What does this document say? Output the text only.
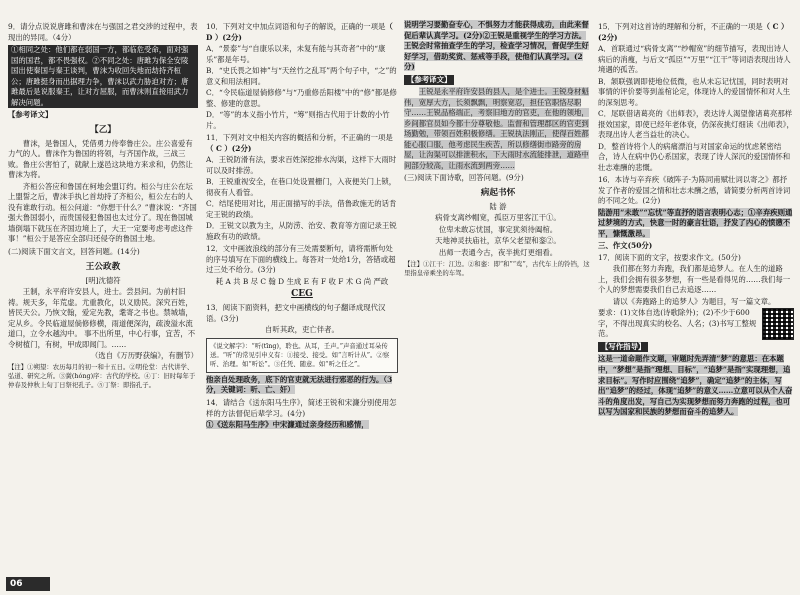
9．请分点说说唐雎和曹沫在与强国之君交涉的过程中，表现出的异同。（4分）

①相同之处：他们都在弱国一方，都临危受命，面对强国的国君，都不畏强权。②不同之处：唐雎为保全安陵国出使秦国与秦王谈判，曹沫为收回失地而劫持齐桓公；唐雎挺身而出据理力争，曹沫以武力胁迫对方；唐雎最后是说服秦王，让对方屈服，而曹沫则直接用武力解决问题。

【参考译文】

【乙】

曹沫，是鲁国人，凭借勇力侍奉鲁庄公。庄公喜爱有力气的人。曹沫作为鲁国的将领，与齐国作战，三战三败。鲁庄公害怕了，就献上遂邑这块地方来求和，仍然让曹沫为将。

齐桓公答应和鲁国在柯地会盟订约。桓公与庄公在坛上盟誓之后，曹沫手执匕首劫持了齐桓公，桓公左右的人没有谁敢行动。桓公问道：“你想干什么？”曹沫说：“齐国强大鲁国弱小，而贵国侵犯鲁国也太过分了。现在鲁国城墙倒塌下就压在齐国边境上了，大王一定要考虑考虑这件事！”桓公于是答应全部归还侵夺的鲁国土地。

(二)阅读下面文言文，回答问题。(14分)

王公政教

[明]沈德符

王制，永平府许安县人，进士。尝县问。为前村旧祷。规天多，年荒虚。尤重教化，以义励民。深究百姓，皆民天公。乃恢文翰，爱定先教，耄寄之书也。禁城墙，定从乡。令民临道屋倘修修横，雨道便深沟，疏浚溢水流道口，立令水越沟中。 事不出所里，中心行事，宜苦，不令树植门，有树，甲成即闻门。……

（选自《万历野获编》，有删节）

【注】①朔望：农历每月的初一和十五日。②明伦堂：古代讲学、弘道、研究之所。③黉(hóng)序：古代的学校。④丁：旧时每年于仲春及仲秋上旬丁日祭祀孔子。⑤丁祭：即指孔子。

10．下列对文中加点词语和句子的解说，正确的一项是（ D ）(2分)

A．“景泰”与“自康乐以来，未复有能与其奇者”中的“康乐”都是年号。

B．“史氏畏之如神”与“天丝竹之乱耳”两个句子中，“之”的意义和用法相同。

C．“令民临道屋倘修修”与“乃重修岳阳楼”中的“修”都是修整、修建的意思。

D．“等”的本义指小竹片，“筹”则指古代用于计数的小竹片。

11．下列对文中相关内容的概括和分析，不正确的一项是（ C ）(2分)

A．王锐防滑有法，要求百姓深挖排水沟渠，这样下大雨时可以及时排涝。

B．王锐重视安全，在巷口处设置栅门，入夜便关门上锁，彻夜有人看管。

C．结尾使用对比，用正面描写的手法，借鲁政施无的话肯定王锐的政绩。

D．王锐文以教为主，从防涝、治安、教育等方面记录王锐施政有功的政绩。

12．文中画波浪线的部分有三处需要断句，请将需断句处的序号填写在下面的横线上。每答对一处给1分，答错或超过三处不给分。(3分)

耗 A 共 B 尽 C 翰 D 生成 E 有 F 收 F 术 G 尚 严政

CEG

13．阅读下面资料，把文中画横线的句子翻译成现代汉语。(3分)

自听其政，吏亡伴者。

《说文解字》：“听(tīng)，聆也。从耳，壬声。”声音通过耳朵传送。“听”的常见引申义有：①接受、接受。如“言听计从”。②察听、治理。如“听讼”。③任凭、随意。如“听之任之”。

他亲自处理政务，底下的官吏就无法进行邪恶的行为。（3分，关键词：听、亡、奸）

14．请结合《送东阳马生序》，简述王锐和宋濂分别使用怎样的方法督促后辈学习。(4分)

①《送东阳马生序》中宋濂通过亲身经历和感情，

说明学习要勤奋专心，不惧努力才能获得成功，由此来督促后辈认真学习。(2分)②王锐是重视学生的学习方法。王锐会时常抽查学生的学习，检查学习情况，督促学生好好学习，借助奖赏、惩戒等手段，使他们认真学习。(2分)

【参考译文】

王锐是永平府许安县的县人，是个进士。王锐身材魁伟，宽厚大方，长须飘飘，明察宽忍，担任官职恪尽职守……王锐品格端正，考察旧地方的官吏，在他的领地，乡间都官员如今都十分尊敬他。监督和管理郡区的官吏到场勤勉，带领百姓积极修缮。王锐执法刚正，使得百姓都能心服口服，他考虑民生疾苦，所以修缮街市路旁的房屋，让沟渠可以排泄积水，下大雨时水流能排泄，道路中间部分较高，让雨水流到两旁……

(三)阅读下面诗歌，回答问题。(9分)

病起书怀

陆 游

病骨支离纱帽宽，孤臣万里客江干①。

位卑未敢忘忧国，事定犹须待阖棺。

天地神灵扶庙社，京华父老望和銮②。

出师一表通今古，夜半挑灯更细看。

【注】①江干：江边。②和銮：即“和”“鸾”，古代车上的铃铛，这里指皇帝乘坐的车驾。

15．下列对这首诗的理解和分析，不正确的一项是（ C ）(2分)

A．首联通过“病骨支离”“纱帽宽”的细节描写，表现出诗人病后的消瘦，与后文“孤臣”“万里”“江干”等词语表现出诗人境遇的孤苦。

B．颔联强调即使地位低微，也从未忘记忧国，同时表明对事情的评价要等到盖棺论定，体现诗人的爱国情怀和对人生的深刻思考。

C．尾联借诸葛亮的《出师表》，表达诗人渴望像诸葛亮那样报效国家，即使已经年老体衰，仍深夜挑灯细读《出师表》，表现出诗人老当益壮的决心。

D．整首诗将个人的病痛漂泊与对国家命运的忧虑紧密结合，诗人在病中仍心系国家，表现了诗人深沉的爱国情怀和壮志难酬的悲慨。

16．本诗与辛弃疾《破阵子·为陈同甫赋壮词以寄之》都抒发了作者的爱国之情和壮志未酬之感，请简要分析两首诗词的不同之处。(2分)

陆游用“未敢”“忘忧”等直抒的语言表明心志；①辛弃疾则通过梦境的方式，快意一时的豪言壮语，抒发了内心的愤懑不平，慷慨激昂。

三、作文(50分)

17．阅读下面的文字，按要求作文。(50分)

我们都在努力奔跑，我们都是追梦人。在人生的道路上，我们会拥有很多梦想，有一些是看得见的……我们每一个人的梦想需要我们自己去追逐……

请以《奔跑路上的追梦人》为题目，写一篇文章。

要求：(1)文体自选(诗歌除外)；(2)不少于600字，不得出现真实的校名、人名；(3)书写工整规范。

【写作指导】

这是一道命题作文题，审题时先弄清“梦”的意思：在本题中，“梦想”是指“理想、目标”，“追梦”是指“实现理想，追求目标”。写作时应围绕“追梦”，确定“追梦”的主体，写出“追梦”的经过，体现“追梦”的意义……立意可以从个人奋斗的角度出发，写自己为实现梦想而努力奔跑的过程，也可以写为国家和民族的梦想而奋斗的追梦人。

06
